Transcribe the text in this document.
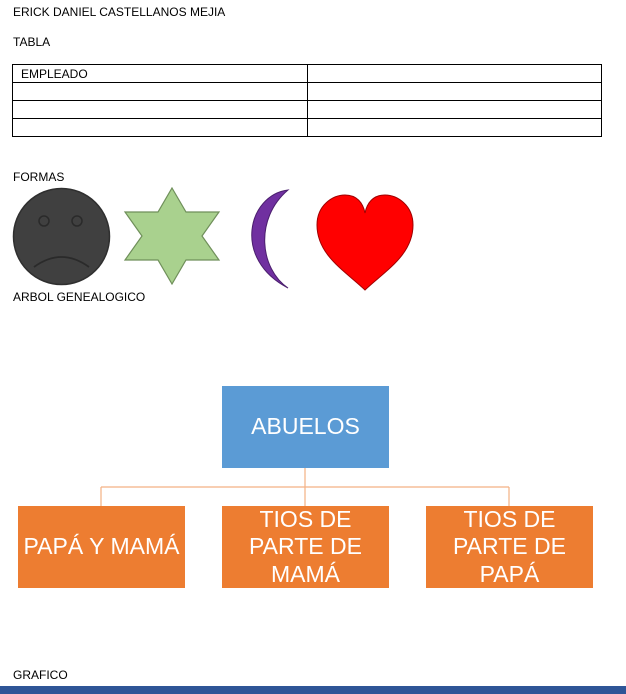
ERICK DANIEL CASTELLANOS MEJIA
TABLA
EMPLEADO	

FORMAS
ARBOL GENEALOGICO
ABUELOS
PAPÁ Y MAMÁ
TIOS DE PARTE DE MAMÁ
TIOS DE PARTE DE PAPÁ
GRAFICO
